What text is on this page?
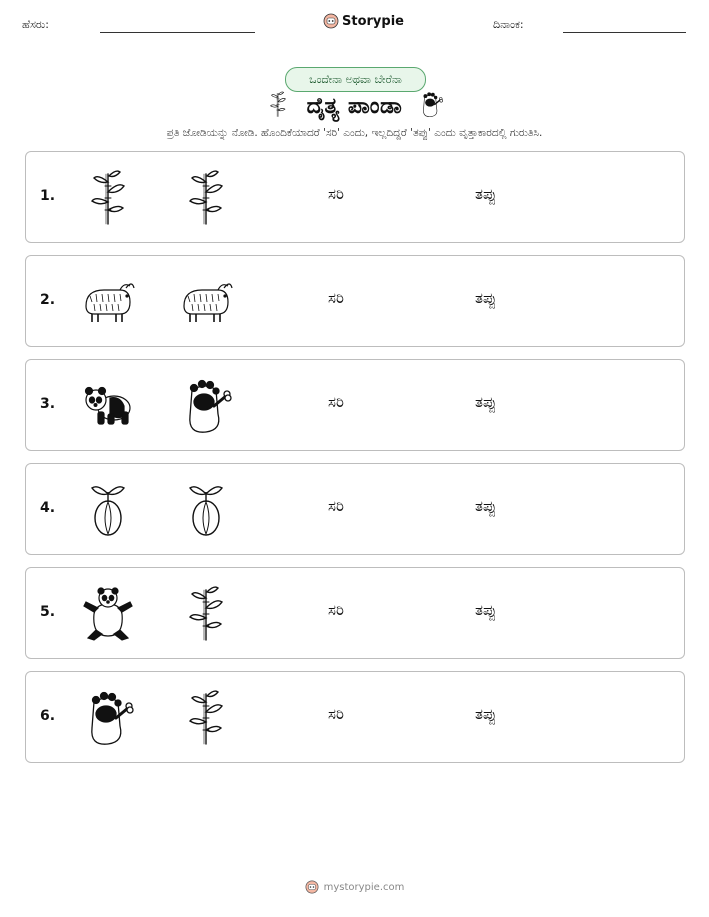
ಹೆಸರು:	Storypie	ದಿನಾಂಕ:
ಒಂದೇನಾ ಅಥವಾ ಬೇರೆನಾ
ದೈತ್ಯ ಪಾಂಡಾ
ಪ್ರತಿ ಜೋಡಿಯನ್ನು ನೋಡಿ. ಹೊಂದಿಕೆಯಾದರೆ 'ಸರಿ' ಎಂದು, ಇಲ್ಲದಿದ್ದರೆ 'ತಪ್ಪು' ಎಂದು ವೃತ್ತಾಕಾರದಲ್ಲಿ ಗುರುತಿಸಿ.
1.	ಸರಿ	ತಪ್ಪು
2.	ಸರಿ	ತಪ್ಪು
3.	ಸರಿ	ತಪ್ಪು
4.	ಸರಿ	ತಪ್ಪು
5.	ಸರಿ	ತಪ್ಪು
6.	ಸರಿ	ತಪ್ಪು
mystorypie.com
